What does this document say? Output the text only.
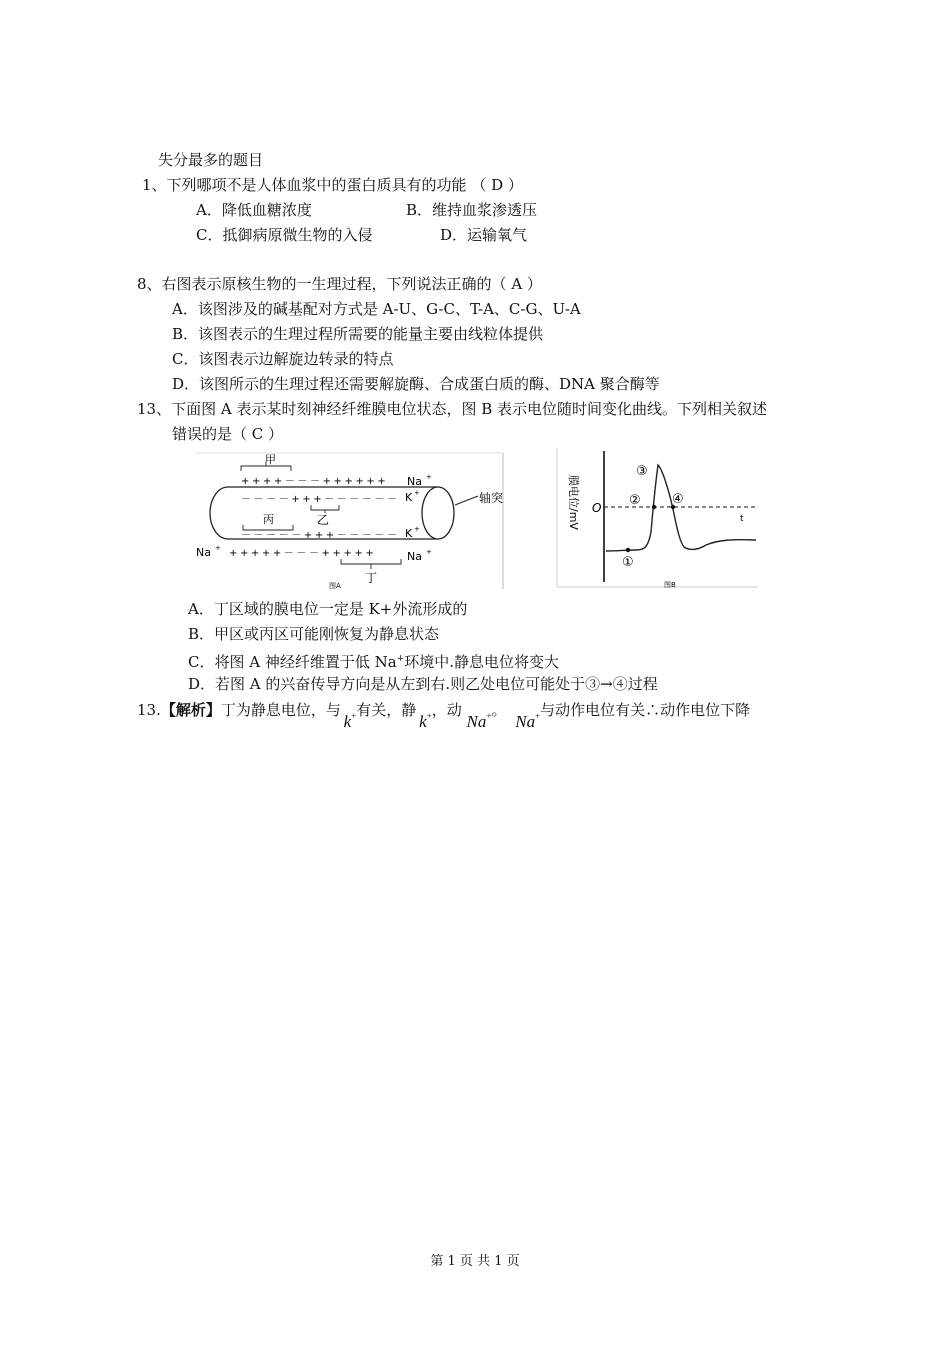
失分最多的题目
1、下列哪项不是人体血浆中的蛋白质具有的功能 （ D ）
A．降低血糖浓度	B．维持血浆渗透压
C．抵御病原微生物的入侵	D．运输氧气
8、右图表示原核生物的一生理过程，下列说法正确的（ A ）
A．该图涉及的碱基配对方式是 A-U、G-C、T-A、C-G、U-A
B．该图表示的生理过程所需要的能量主要由线粒体提供
C．该图表示边解旋边转录的特点
D．该图所示的生理过程还需要解旋酶、合成蛋白质的酶、DNA 聚合酶等
13、下面图 A 表示某时刻神经纤维膜电位状态，图 B 表示电位随时间变化曲线。下列相关叙述
错误的是（ C ）
轴突
甲
+ + + + － － － + + + + + + Na +
－ － － － + + + － － － － － － K +
乙
丙
－ － － － － + + + － － － － － K +
Na + + + + + + － － － + + + + +	Na +
丁
图A
膜电位/mV O
t
①
②
③
④
图B
A．丁区域的膜电位一定是 K+外流形成的
B．甲区或丙区可能刚恢复为静息状态
C．将图 A 神经纤维置于低 Na+环境中.静息电位将变大
D．若图 A 的兴奋传导方向是从左到右.则乙处电位可能处于③→④过程
13.【解析】丁为静息电位，与 k+有关，静 k+，动 Na+。 Na+与动作电位有关∴动作电位下降
第 1 页 共 1 页
